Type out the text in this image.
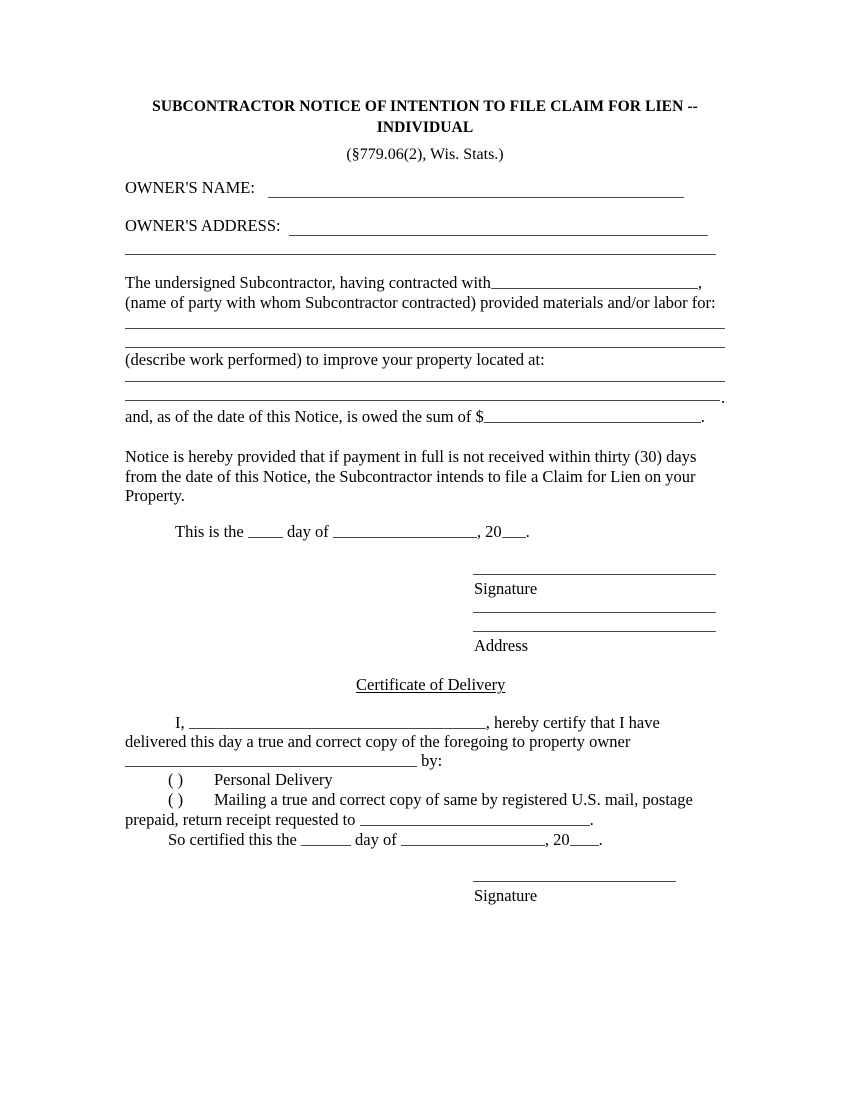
SUBCONTRACTOR NOTICE OF INTENTION TO FILE CLAIM FOR LIEN -- INDIVIDUAL
(§779.06(2), Wis. Stats.)
OWNER'S NAME:
OWNER'S ADDRESS:
The undersigned Subcontractor, having contracted with	,
(name of party with whom Subcontractor contracted) provided materials and/or labor for:
(describe work performed) to improve your property located at:
.
and, as of the date of this Notice, is owed the sum of $	.
Notice is hereby provided that if payment in full is not received within thirty (30) days
from the date of this Notice, the Subcontractor intends to file a Claim for Lien on your
Property.
This is the	day of	, 20 .
Signature
Address
Certificate of Delivery
I,	, hereby certify that I have
delivered this day a true and correct copy of the foregoing to property owner
by:
( ) Personal Delivery
( ) Mailing a true and correct copy of same by registered U.S. mail, postage
prepaid, return receipt requested to	.
So certified this the	day of	, 20 .
Signature
